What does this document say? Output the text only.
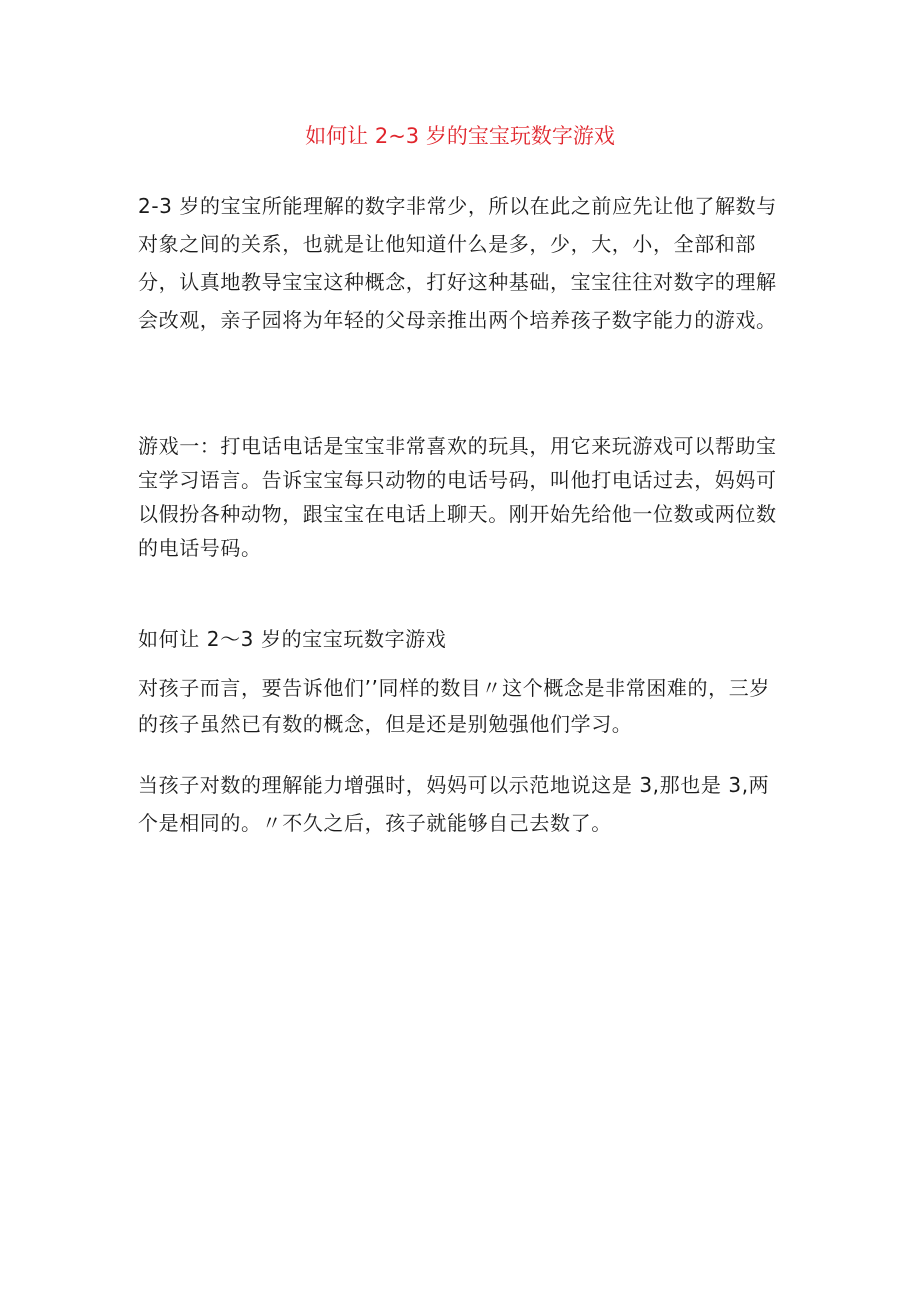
如何让 2~3 岁的宝宝玩数字游戏

2-3 岁的宝宝所能理解的数字非常少，所以在此之前应先让他了解数与对象之间的关系，也就是让他知道什么是多，少，大，小，全部和部分，认真地教导宝宝这种概念，打好这种基础，宝宝往往对数字的理解会改观，亲子园将为年轻的父母亲推出两个培养孩子数字能力的游戏。

游戏一：打电话电话是宝宝非常喜欢的玩具，用它来玩游戏可以帮助宝宝学习语言。告诉宝宝每只动物的电话号码，叫他打电话过去，妈妈可以假扮各种动物，跟宝宝在电话上聊天。刚开始先给他一位数或两位数的电话号码。

如何让 2〜3 岁的宝宝玩数字游戏

对孩子而言，要告诉他们’’同样的数目〃这个概念是非常困难的，三岁的孩子虽然已有数的概念，但是还是别勉强他们学习。

当孩子对数的理解能力增强时，妈妈可以示范地说这是 3,那也是 3,两个是相同的。〃不久之后，孩子就能够自己去数了。
